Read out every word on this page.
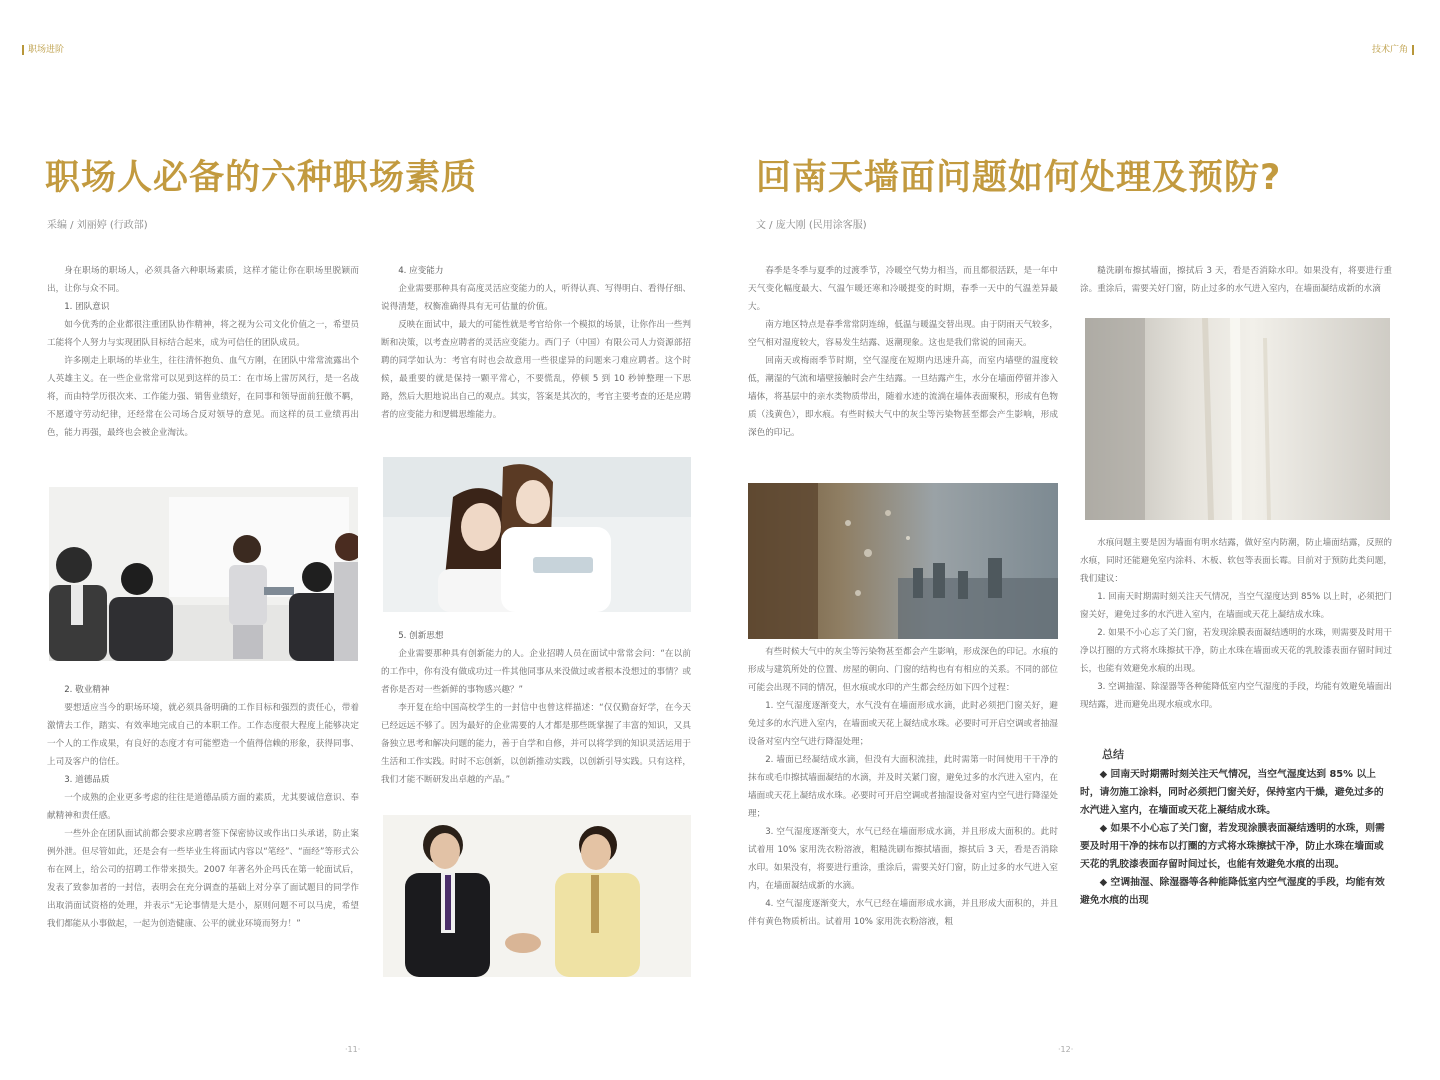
职场进阶	技术广角
职场人必备的六种职场素质
采编 / 刘丽婷 (行政部)

身在职场的职场人，必须具备六种职场素质，这样才能让你在职场里脱颖而出，让你与众不同。

1. 团队意识

如今优秀的企业都很注重团队协作精神，将之视为公司文化价值之一，希望员工能将个人努力与实现团队目标结合起来，成为可信任的团队成员。

许多刚走上职场的毕业生，往往清怀抱负、血气方刚，在团队中常常流露出个人英雄主义。在一些企业常常可以见到这样的员工：在市场上雷厉风行，是一名战将，而由特学历很次来、工作能力强、销售业绩好，在同事和领导面前狂傲不羁，不愿遵守劳动纪律，还经常在公司场合反对领导的意见。而这样的员工业绩再出色，能力再强，最终也会被企业淘汰。

2. 敬业精神

要想适应当今的职场环境，就必须具备明确的工作目标和强烈的责任心，带着激情去工作，踏实、有效率地完成自己的本职工作。工作态度很大程度上能够决定一个人的工作成果，有良好的态度才有可能塑造一个值得信赖的形象，获得同事、上司及客户的信任。

3. 道德品质

一个成熟的企业更多考虑的往往是道德品质方面的素质，尤其要诚信意识、奉献精神和责任感。

一些外企在团队面试前都会要求应聘者签下保密协议或作出口头承诺，防止案例外泄。但尽管如此，还是会有一些毕业生将面试内容以“笔经”、“面经”等形式公布在网上，给公司的招聘工作带来损失。2007 年著名外企玛氏在第一轮面试后，发表了致参加者的一封信，表明会在充分调查的基础上对分享了面试题目的同学作出取消面试资格的处理，并表示“无论事情是大是小，原则问题不可以马虎，希望我们都能从小事做起，一起为创造健康、公平的就业环境而努力！”

4. 应变能力

企业需要那种具有高度灵活应变能力的人，听得认真、写得明白、看得仔细、说得清楚，权衡准确得具有无可估量的价值。

反映在面试中，最大的可能性就是考官给你一个模拟的场景，让你作出一些判断和决策，以考查应聘者的灵活应变能力。西门子（中国）有限公司人力资源部招聘的同学如认为：考官有时也会故意用一些很虚异的问题来刁难应聘者。这个时候，最重要的就是保持一颗平常心，不要慌乱，停顿 5 到 10 秒钟整理一下思路，然后大胆地说出自己的观点。其实，答案是其次的，考官主要考查的还是应聘者的应变能力和逻辑思维能力。

5. 创新思想

企业需要那种具有创新能力的人。企业招聘人员在面试中常常会问：“在以前的工作中，你有没有做成功过一件其他同事从来没做过或者根本没想过的事情？或者你是否对一些新鲜的事物感兴趣？”

李开复在给中国高校学生的一封信中也曾这样描述：“仅仅勤奋好学，在今天已经远远不够了。因为最好的企业需要的人才都是那些既掌握了丰富的知识，又具备独立思考和解决问题的能力，善于自学和自修，并可以将学到的知识灵活运用于生活和工作实践。时时不忘创新，以创新推动实践，以创新引导实践。只有这样，我们才能不断研发出卓越的产品。”

·11·
回南天墙面问题如何处理及预防?
文 / 庞大刚 (民用涂客服)

春季是冬季与夏季的过渡季节，冷暖空气势力相当，而且都很活跃，是一年中天气变化幅度最大、气温乍暖还寒和冷暖提变的时期，春季一天中的气温差异最大。

南方地区特点是春季常常阴连绵，低温与暖温交替出现。由于阴雨天气较多，空气相对湿度较大，容易发生结露、返潮现象。这也是我们常说的回南天。

回南天或梅雨季节时期，空气湿度在短期内迅速升高，而室内墙壁的温度较低，潮湿的气流和墙壁接触时会产生结露。一旦结露产生，水分在墙面停留并渗入墙体，将基层中的亲水类物质带出，随着水迹的流淌在墙体表面聚积，形成有色物质（浅黄色），即水痕。有些时候大气中的灰尘等污染物甚至都会产生影响，形成深色的印记。

有些时候大气中的灰尘等污染物甚至都会产生影响，形成深色的印记。水痕的形成与建筑所处的位置、房屋的朝向、门窗的结构也有有相应的关系。不同的部位可能会出现不同的情况，但水痕或水印的产生都会经历如下四个过程：

1. 空气湿度逐渐变大，水气没有在墙面形成水滴，此时必须把门窗关好，避免过多的水汽进入室内，在墙面或天花上凝结成水珠。必要时可开启空调或者抽湿设备对室内空气进行降湿处理；

2. 墙面已经凝结成水滴，但没有大面积流挂，此时需第一时间使用干干净的抹布或毛巾擦拭墙面凝结的水滴，并及时关紧门窗，避免过多的水汽进入室内，在墙面或天花上凝结成水珠。必要时可开启空调或者抽湿设备对室内空气进行降湿处理；

3. 空气湿度逐渐变大，水气已经在墙面形成水滴，并且形成大面积的。此时试着用 10% 家用洗衣粉溶液，粗糙洗刷布擦拭墙面，擦拭后 3 天，看是否消除水印。如果没有，将要进行重涂，重涂后，需要关好门窗，防止过多的水气进入室内，在墙面凝结成新的水滴。

4. 空气湿度逐渐变大，水气已经在墙面形成水滴，并且形成大面积的，并且伴有黄色物质析出。试着用 10% 家用洗衣粉溶液，粗

糙洗刷布擦拭墙面，擦拭后 3 天，看是否消除水印。如果没有，将要进行重涂。重涂后，需要关好门窗，防止过多的水气进入室内，在墙面凝结成新的水滴

水痕问题主要是因为墙面有明水结露，做好室内防潮，防止墙面结露，反照的水痕，同时还能避免室内涂料、木板、软包等表面长霉。目前对于预防此类问题，我们建议：

1. 回南天时期需时刻关注天气情况，当空气湿度达到 85% 以上时，必须把门窗关好，避免过多的水汽进入室内，在墙面或天花上凝结成水珠。

2. 如果不小心忘了关门窗，若发现涂膜表面凝结透明的水珠，则需要及时用干净以打圈的方式将水珠擦拭干净，防止水珠在墙面或天花的乳胶漆表面存留时间过长，也能有效避免水痕的出现。

3. 空调抽湿、除湿器等各种能降低室内空气湿度的手段，均能有效避免墙面出现结露，进而避免出现水痕或水印。

总结

◆ 回南天时期需时刻关注天气情况，当空气湿度达到 85% 以上时，请勿施工涂料，同时必须把门窗关好，保持室内干燥，避免过多的水汽进入室内，在墙面或天花上凝结成水珠。

◆ 如果不小心忘了关门窗，若发现涂膜表面凝结透明的水珠，则需要及时用干净的抹布以打圈的方式将水珠擦拭干净，防止水珠在墙面或天花的乳胶漆表面存留时间过长，也能有效避免水痕的出现。

◆ 空调抽湿、除湿器等各种能降低室内空气湿度的手段，均能有效避免水痕的出现

·12·
